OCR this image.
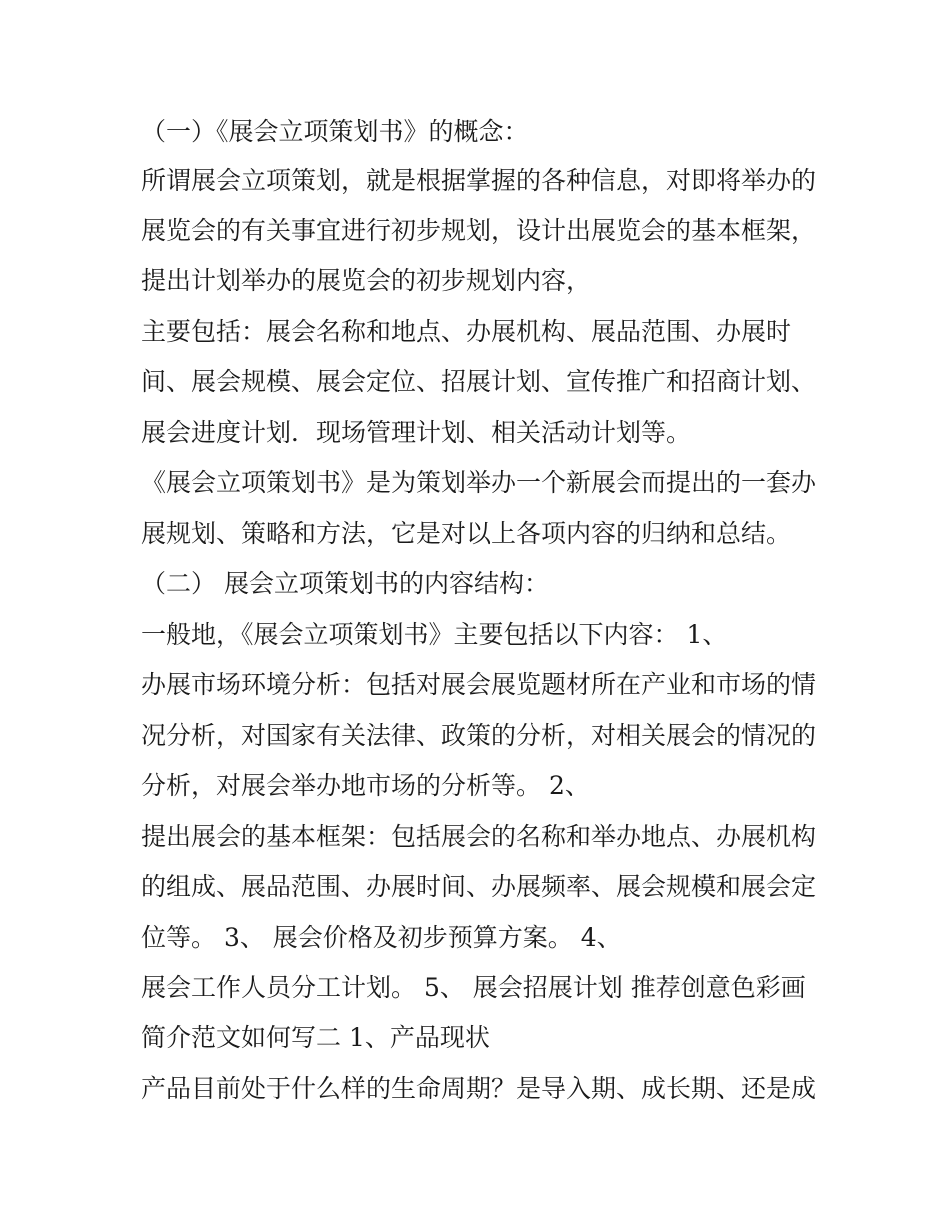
（一）《展会立项策划书》的概念：

所谓展会立项策划，就是根据掌握的各种信息，对即将举办的

展览会的有关事宜进行初步规划，设计出展览会的基本框架，

提出计划举办的展览会的初步规划内容，

主要包括：展会名称和地点、办展机构、展品范围、办展时

间、展会规模、展会定位、招展计划、宣传推广和招商计划、

展会进度计划．现场管理计划、相关活动计划等。

《展会立项策划书》是为策划举办一个新展会而提出的一套办

展规划、策略和方法，它是对以上各项内容的归纳和总结。

（二） 展会立项策划书的内容结构：

一般地，《展会立项策划书》主要包括以下内容： 1、

办展市场环境分析：包括对展会展览题材所在产业和市场的情

况分析，对国家有关法律、政策的分析，对相关展会的情况的

分析，对展会举办地市场的分析等。 2、

提出展会的基本框架：包括展会的名称和举办地点、办展机构

的组成、展品范围、办展时间、办展频率、展会规模和展会定

位等。 3、 展会价格及初步预算方案。 4、

展会工作人员分工计划。 5、 展会招展计划 推荐创意色彩画

简介范文如何写二 1、产品现状

产品目前处于什么样的生命周期？是导入期、成长期、还是成
